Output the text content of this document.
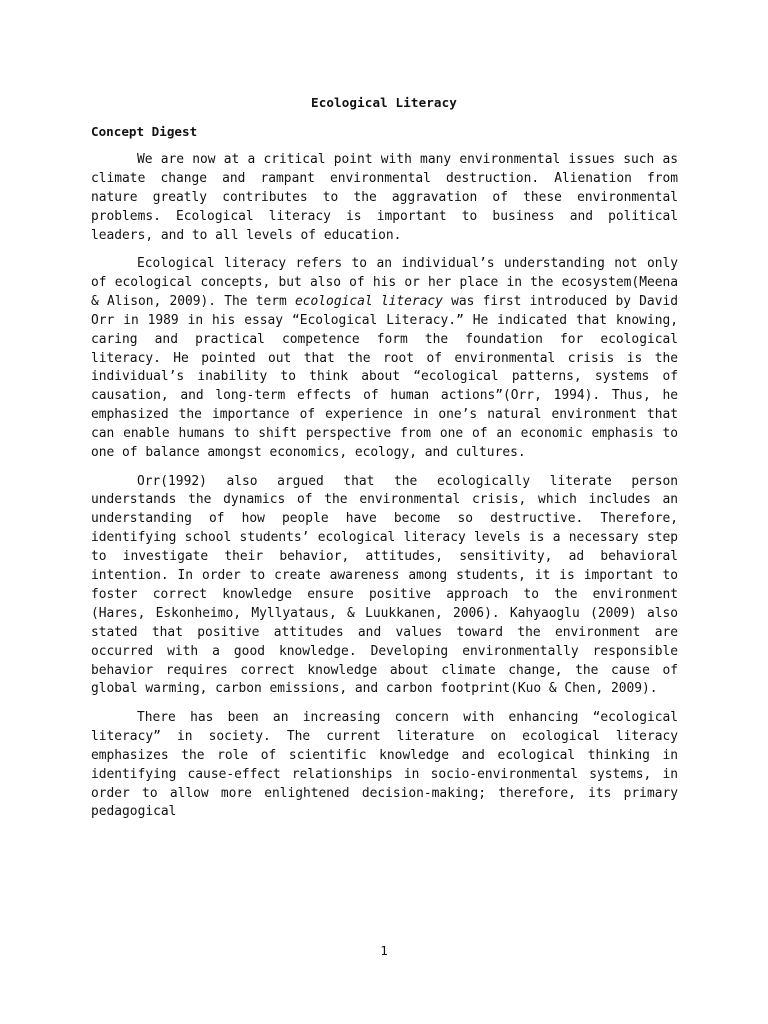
Ecological Literacy
Concept Digest

We are now at a critical point with many environmental issues such as climate change and rampant environmental destruction. Alienation from nature greatly contributes to the aggravation of these environmental problems. Ecological literacy is important to business and political leaders, and to all levels of education.

Ecological literacy refers to an individual’s understanding not only of ecological concepts, but also of his or her place in the ecosystem(Meena & Alison, 2009). The term ecological literacy was first introduced by David Orr in 1989 in his essay “Ecological Literacy.” He indicated that knowing, caring and practical competence form the foundation for ecological literacy. He pointed out that the root of environmental crisis is the individual’s inability to think about “ecological patterns, systems of causation, and long-term effects of human actions”(Orr, 1994). Thus, he emphasized the importance of experience in one’s natural environment that can enable humans to shift perspective from one of an economic emphasis to one of balance amongst economics, ecology, and cultures.

Orr(1992) also argued that the ecologically literate person understands the dynamics of the environmental crisis, which includes an understanding of how people have become so destructive. Therefore, identifying school students’ ecological literacy levels is a necessary step to investigate their behavior, attitudes, sensitivity, ad behavioral intention. In order to create awareness among students, it is important to foster correct knowledge ensure positive approach to the environment (Hares, Eskonheimo, Myllyataus, & Luukkanen, 2006). Kahyaoglu (2009) also stated that positive attitudes and values toward the environment are occurred with a good knowledge. Developing environmentally responsible behavior requires correct knowledge about climate change, the cause of global warming, carbon emissions, and carbon footprint(Kuo & Chen, 2009).

There has been an increasing concern with enhancing “ecological literacy” in society. The current literature on ecological literacy emphasizes the role of scientific knowledge and ecological thinking in identifying cause-effect relationships in socio-environmental systems, in order to allow more enlightened decision-making; therefore, its primary pedagogical

1
